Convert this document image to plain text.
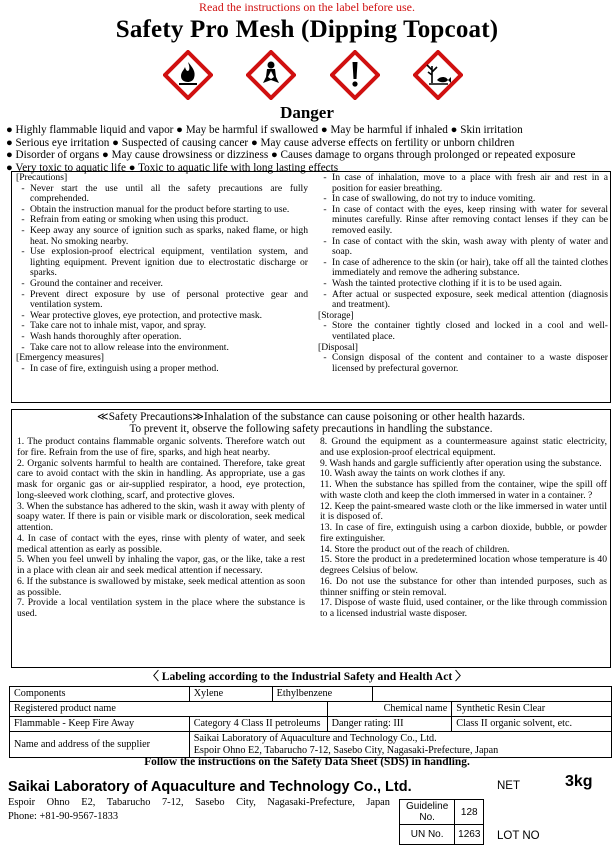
Read the instructions on the label before use.
Safety Pro Mesh (Dipping Topcoat)
Danger
● Highly flammable liquid and vapor ● May be harmful if swallowed ● May be harmful if inhaled ● Skin irritation
● Serious eye irritation ● Suspected of causing cancer ● May cause adverse effects on fertility or unborn children
● Disorder of organs ● May cause drowsiness or dizziness ● Causes damage to organs through prolonged or repeated exposure
● Very toxic to aquatic life ● Toxic to aquatic life with long lasting effects
[Precautions]
- Never start the use until all the safety precautions are fully comprehended.
- Obtain the instruction manual for the product before starting to use.
- Refrain from eating or smoking when using this product.
- Keep away any source of ignition such as sparks, naked flame, or high heat. No smoking nearby.
- Use explosion-proof electrical equipment, ventilation system, and lighting equipment. Prevent ignition due to electrostatic discharge or sparks.
- Ground the container and receiver.
- Prevent direct exposure by use of personal protective gear and ventilation system.
- Wear protective gloves, eye protection, and protective mask.
- Take care not to inhale mist, vapor, and spray.
- Wash hands thoroughly after operation.
- Take care not to allow release into the environment.
[Emergency measures]
- In case of fire, extinguish using a proper method.
- In case of inhalation, move to a place with fresh air and rest in a position for easier breathing.
- In case of swallowing, do not try to induce vomiting.
- In case of contact with the eyes, keep rinsing with water for several minutes carefully. Rinse after removing contact lenses if they can be removed easily.
- In case of contact with the skin, wash away with plenty of water and soap.
- In case of adherence to the skin (or hair), take off all the tainted clothes immediately and remove the adhering substance.
- Wash the tainted protective clothing if it is to be used again.
- After actual or suspected exposure, seek medical attention (diagnosis and treatment).
[Storage]
- Store the container tightly closed and locked in a cool and well-ventilated place.
[Disposal]
- Consign disposal of the content and container to a waste disposer licensed by prefectural governor.
≪Safety Precautions≫Inhalation of the substance can cause poisoning or other health hazards.
To prevent it, observe the following safety precautions in handling the substance.
1. The product contains flammable organic solvents. Therefore watch out for fire. Refrain from the use of fire, sparks, and high heat nearby.
2. Organic solvents harmful to health are contained. Therefore, take great care to avoid contact with the skin in handling. As appropriate, use a gas mask for organic gas or air-supplied respirator, a hood, eye protection, long-sleeved work clothing, scarf, and protective gloves.
3. When the substance has adhered to the skin, wash it away with plenty of soapy water. If there is pain or visible mark or discoloration, seek medical attention.
4. In case of contact with the eyes, rinse with plenty of water, and seek medical attention as early as possible.
5. When you feel unwell by inhaling the vapor, gas, or the like, take a rest in a place with clean air and seek medical attention if necessary.
6. If the substance is swallowed by mistake, seek medical attention as soon as possible.
7. Provide a local ventilation system in the place where the substance is used.
8. Ground the equipment as a countermeasure against static electricity, and use explosion-proof electrical equipment.
9. Wash hands and gargle sufficiently after operation using the substance.
10. Wash away the taints on work clothes if any.
11. When the substance has spilled from the container, wipe the spill off with waste cloth and keep the cloth immersed in water in a container. ?
12. Keep the paint-smeared waste cloth or the like immersed in water until it is disposed of.
13. In case of fire, extinguish using a carbon dioxide, bubble, or powder fire extinguisher.
14. Store the product out of the reach of children.
15. Store the product in a predetermined location whose temperature is 40 degrees Celsius of below.
16. Do not use the substance for other than intended purposes, such as thinner sniffing or stein removal.
17. Dispose of waste fluid, used container, or the like through commission to a licensed industrial waste disposer.
〈 Labeling according to the Industrial Safety and Health Act 〉
Components	Xylene	Ethylbenzene			
Registered product name			Chemical name		Synthetic Resin Clear
Flammable - Keep Fire Away	Category 4 Class II petroleums		Danger rating: III		Class II organic solvent, etc.
Name and address of the supplier	Saikai Laboratory of Aquaculture and Technology Co., Ltd.
Espoir Ohno E2, Tabarucho 7-12, Sasebo City, Nagasaki-Prefecture, Japan				
Follow the instructions on the Safety Data Sheet (SDS) in handling.
Saikai Laboratory of Aquaculture and Technology Co., Ltd.
Espoir Ohno E2, Tabarucho 7-12, Sasebo City, Nagasaki-Prefecture, Japan
Phone: +81-90-9567-1833
NET	3kg
Guideline No.	128
UN No.	1263 LOT NO
